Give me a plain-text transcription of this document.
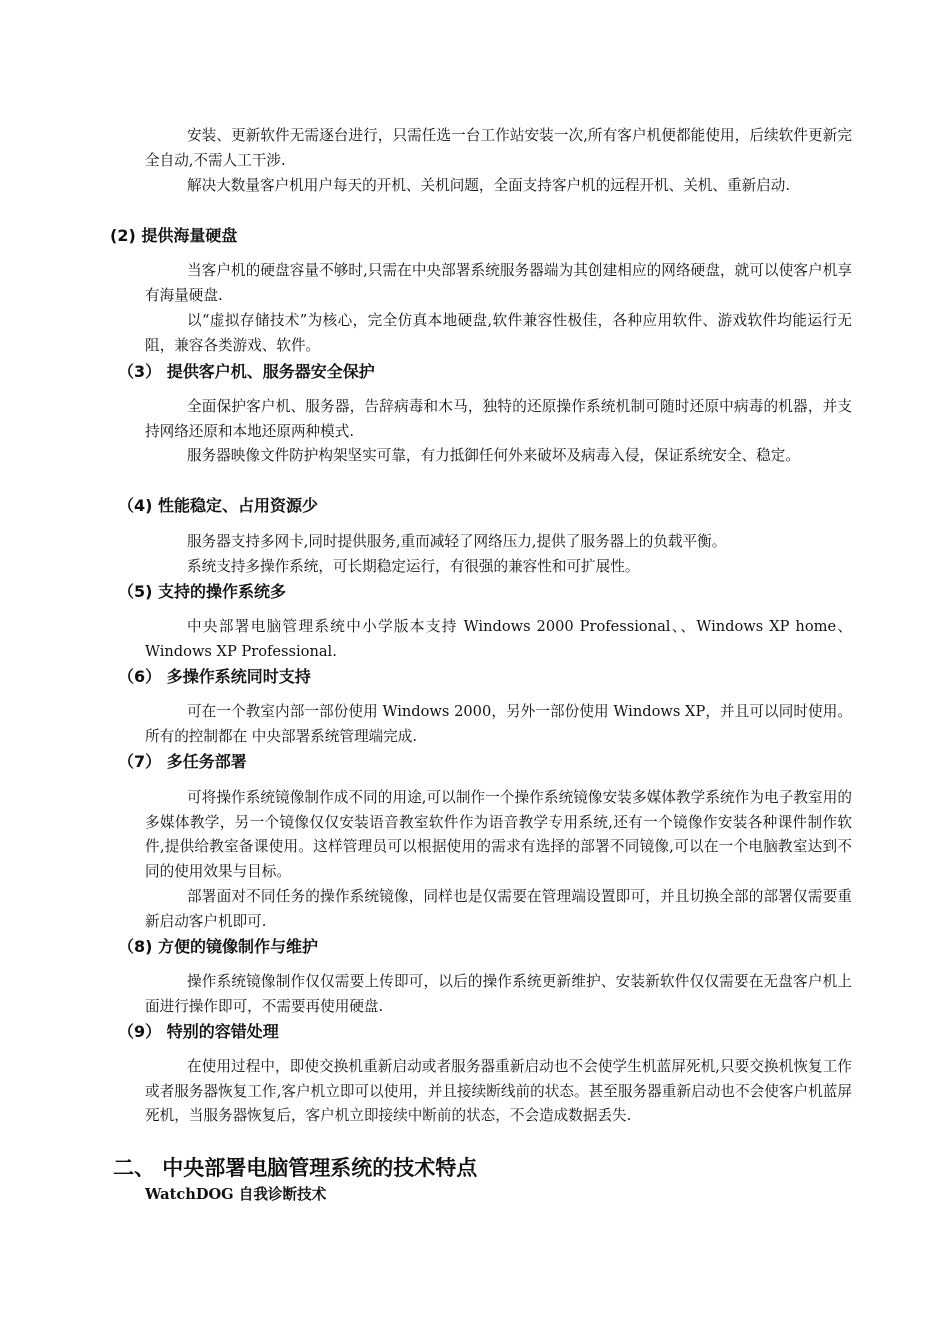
安装、更新软件无需逐台进行，只需任选一台工作站安装一次,所有客户机便都能使用，后续软件更新完全自动,不需人工干涉.

解决大数量客户机用户每天的开机、关机问题，全面支持客户机的远程开机、关机、重新启动.

(2) 提供海量硬盘

当客户机的硬盘容量不够时,只需在中央部署系统服务器端为其创建相应的网络硬盘，就可以使客户机享有海量硬盘.

以“虚拟存储技术”为核心，完全仿真本地硬盘,软件兼容性极佳，各种应用软件、游戏软件均能运行无阻，兼容各类游戏、软件。

（3） 提供客户机、服务器安全保护

全面保护客户机、服务器，告辞病毒和木马，独特的还原操作系统机制可随时还原中病毒的机器，并支持网络还原和本地还原两种模式.

服务器映像文件防护构架坚实可靠，有力抵御任何外来破坏及病毒入侵，保证系统安全、稳定。

（4) 性能稳定、占用资源少

服务器支持多网卡,同时提供服务,重而减轻了网络压力,提供了服务器上的负载平衡。

系统支持多操作系统，可长期稳定运行，有很强的兼容性和可扩展性。

（5) 支持的操作系统多

中央部署电脑管理系统中小学版本支持 Windows 2000 Professional、、Windows XP home、Windows XP Professional.

（6） 多操作系统同时支持

可在一个教室内部一部份使用 Windows 2000，另外一部份使用 Windows XP，并且可以同时使用。所有的控制都在 中央部署系统管理端完成.

（7） 多任务部署

可将操作系统镜像制作成不同的用途,可以制作一个操作系统镜像安装多媒体教学系统作为电子教室用的多媒体教学，另一个镜像仅仅安装语音教室软件作为语音教学专用系统,还有一个镜像作安装各种课件制作软件,提供给教室备课使用。这样管理员可以根据使用的需求有选择的部署不同镜像,可以在一个电脑教室达到不同的使用效果与目标。

部署面对不同任务的操作系统镜像，同样也是仅需要在管理端设置即可，并且切换全部的部署仅需要重新启动客户机即可.

（8) 方便的镜像制作与维护

操作系统镜像制作仅仅需要上传即可，以后的操作系统更新维护、安装新软件仅仅需要在无盘客户机上面进行操作即可，不需要再使用硬盘.

（9） 特别的容错处理

在使用过程中，即使交换机重新启动或者服务器重新启动也不会使学生机蓝屏死机,只要交换机恢复工作或者服务器恢复工作,客户机立即可以使用，并且接续断线前的状态。甚至服务器重新启动也不会使客户机蓝屏死机，当服务器恢复后，客户机立即接续中断前的状态，不会造成数据丢失.

二、 中央部署电脑管理系统的技术特点

WatchDOG 自我诊断技术
